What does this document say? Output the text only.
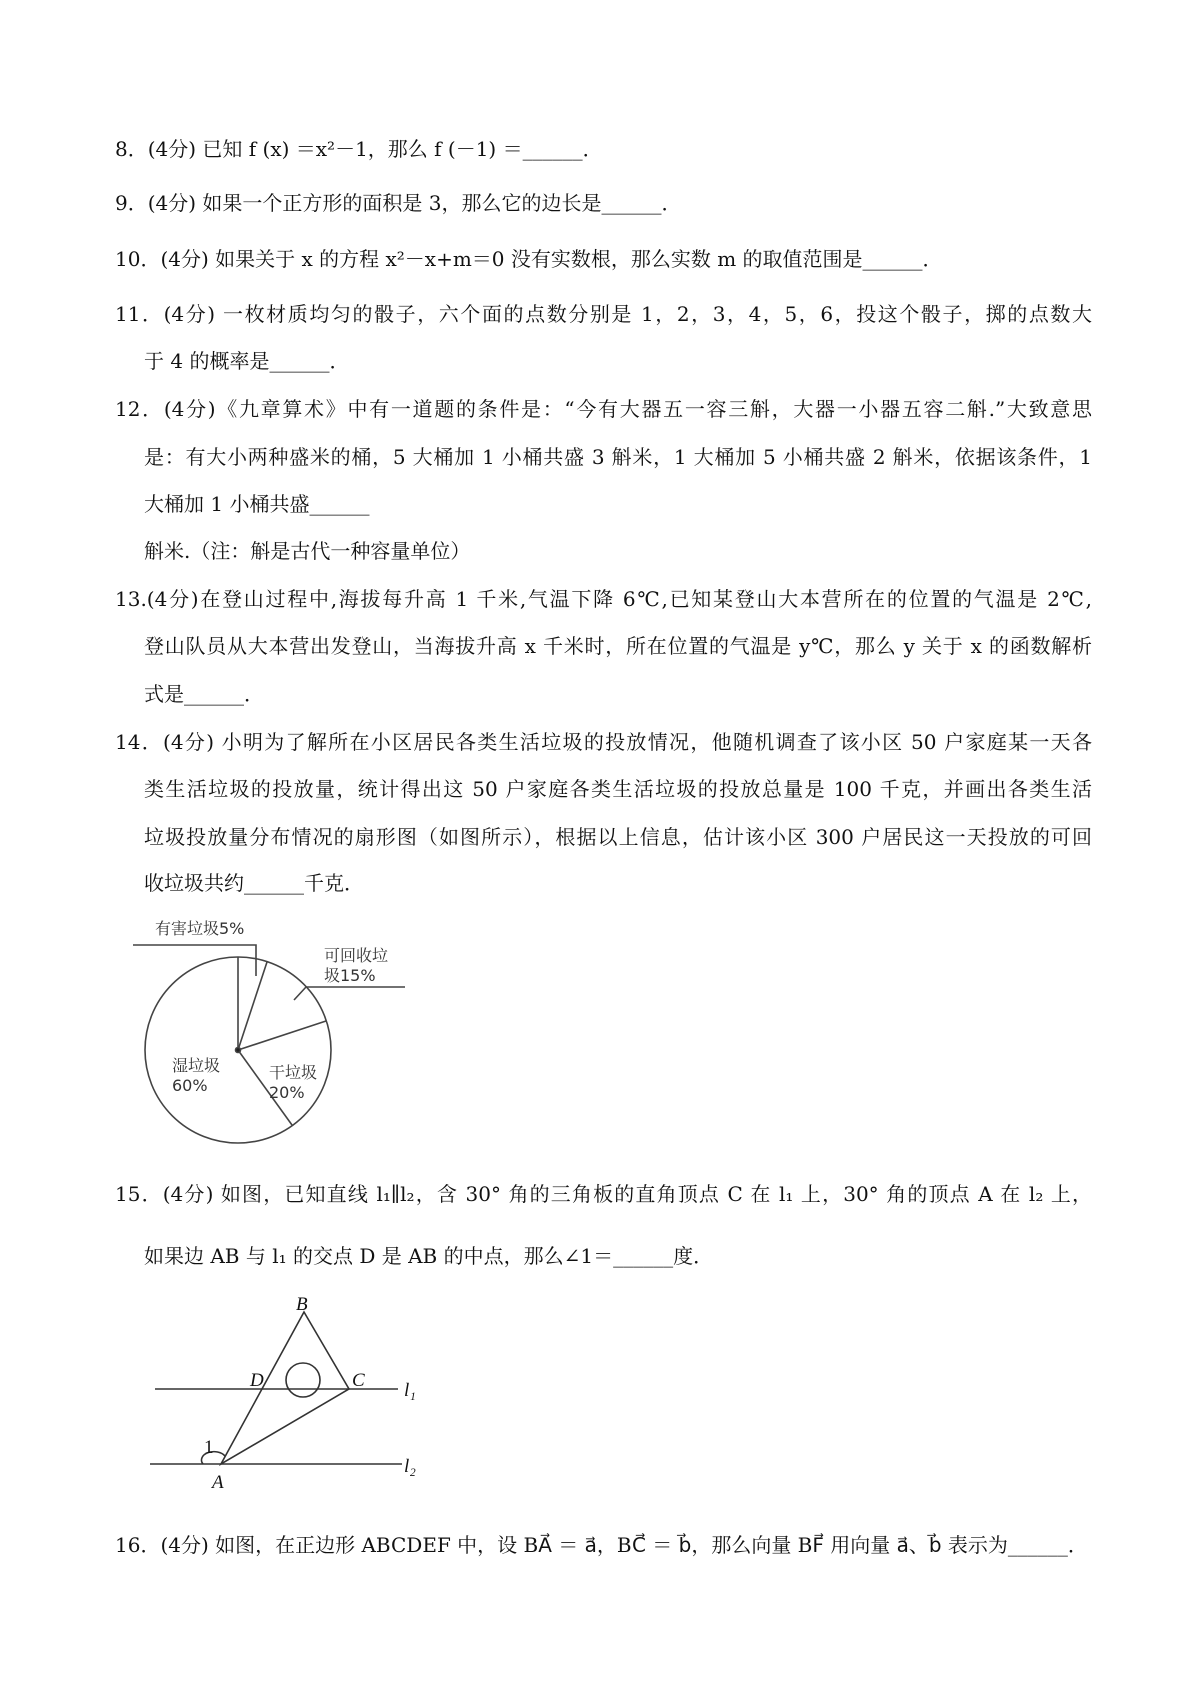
8．(4分) 已知 f (x) ＝x²－1，那么 f (－1) ＝______．
9．(4分) 如果一个正方形的面积是 3，那么它的边长是______．
10．(4分) 如果关于 x 的方程 x²－x+m＝0 没有实数根，那么实数 m 的取值范围是______．
11．(4分) 一枚材质均匀的骰子，六个面的点数分别是 1，2，3，4，5，6，投这个骰子，掷的点数大
于 4 的概率是______．
12．(4分)《九章算术》中有一道题的条件是：“今有大器五一容三斛，大器一小器五容二斛.”大致意思
是：有大小两种盛米的桶，5 大桶加 1 小桶共盛 3 斛米，1 大桶加 5 小桶共盛 2 斛米，依据该条件，1
大桶加 1 小桶共盛______
斛米.（注：斛是古代一种容量单位）
13.(4分)在登山过程中,海拔每升高 1 千米,气温下降 6℃,已知某登山大本营所在的位置的气温是 2℃,
登山队员从大本营出发登山，当海拔升高 x 千米时，所在位置的气温是 y℃，那么 y 关于 x 的函数解析
式是______．
14．(4分) 小明为了解所在小区居民各类生活垃圾的投放情况，他随机调查了该小区 50 户家庭某一天各
类生活垃圾的投放量，统计得出这 50 户家庭各类生活垃圾的投放总量是 100 千克，并画出各类生活
垃圾投放量分布情况的扇形图（如图所示），根据以上信息，估计该小区 300 户居民这一天投放的可回
收垃圾共约______千克．
有害垃圾5%
可回收垃
圾15%
干垃圾
20%
湿垃圾
60%
B
D	C
A
l₁
l₂
1
15．(4分) 如图，已知直线 l₁∥l₂，含 30° 角的三角板的直角顶点 C 在 l₁ 上，30° 角的顶点 A 在 l₂ 上，
如果边 AB 与 l₁ 的交点 D 是 AB 的中点，那么∠1＝______度．
16．(4分) 如图，在正边形 ABCDEF 中，设 BA⃗ ＝ a⃗，BC⃗ ＝ b⃗，那么向量 BF⃗ 用向量 a⃗、b⃗ 表示为______．
